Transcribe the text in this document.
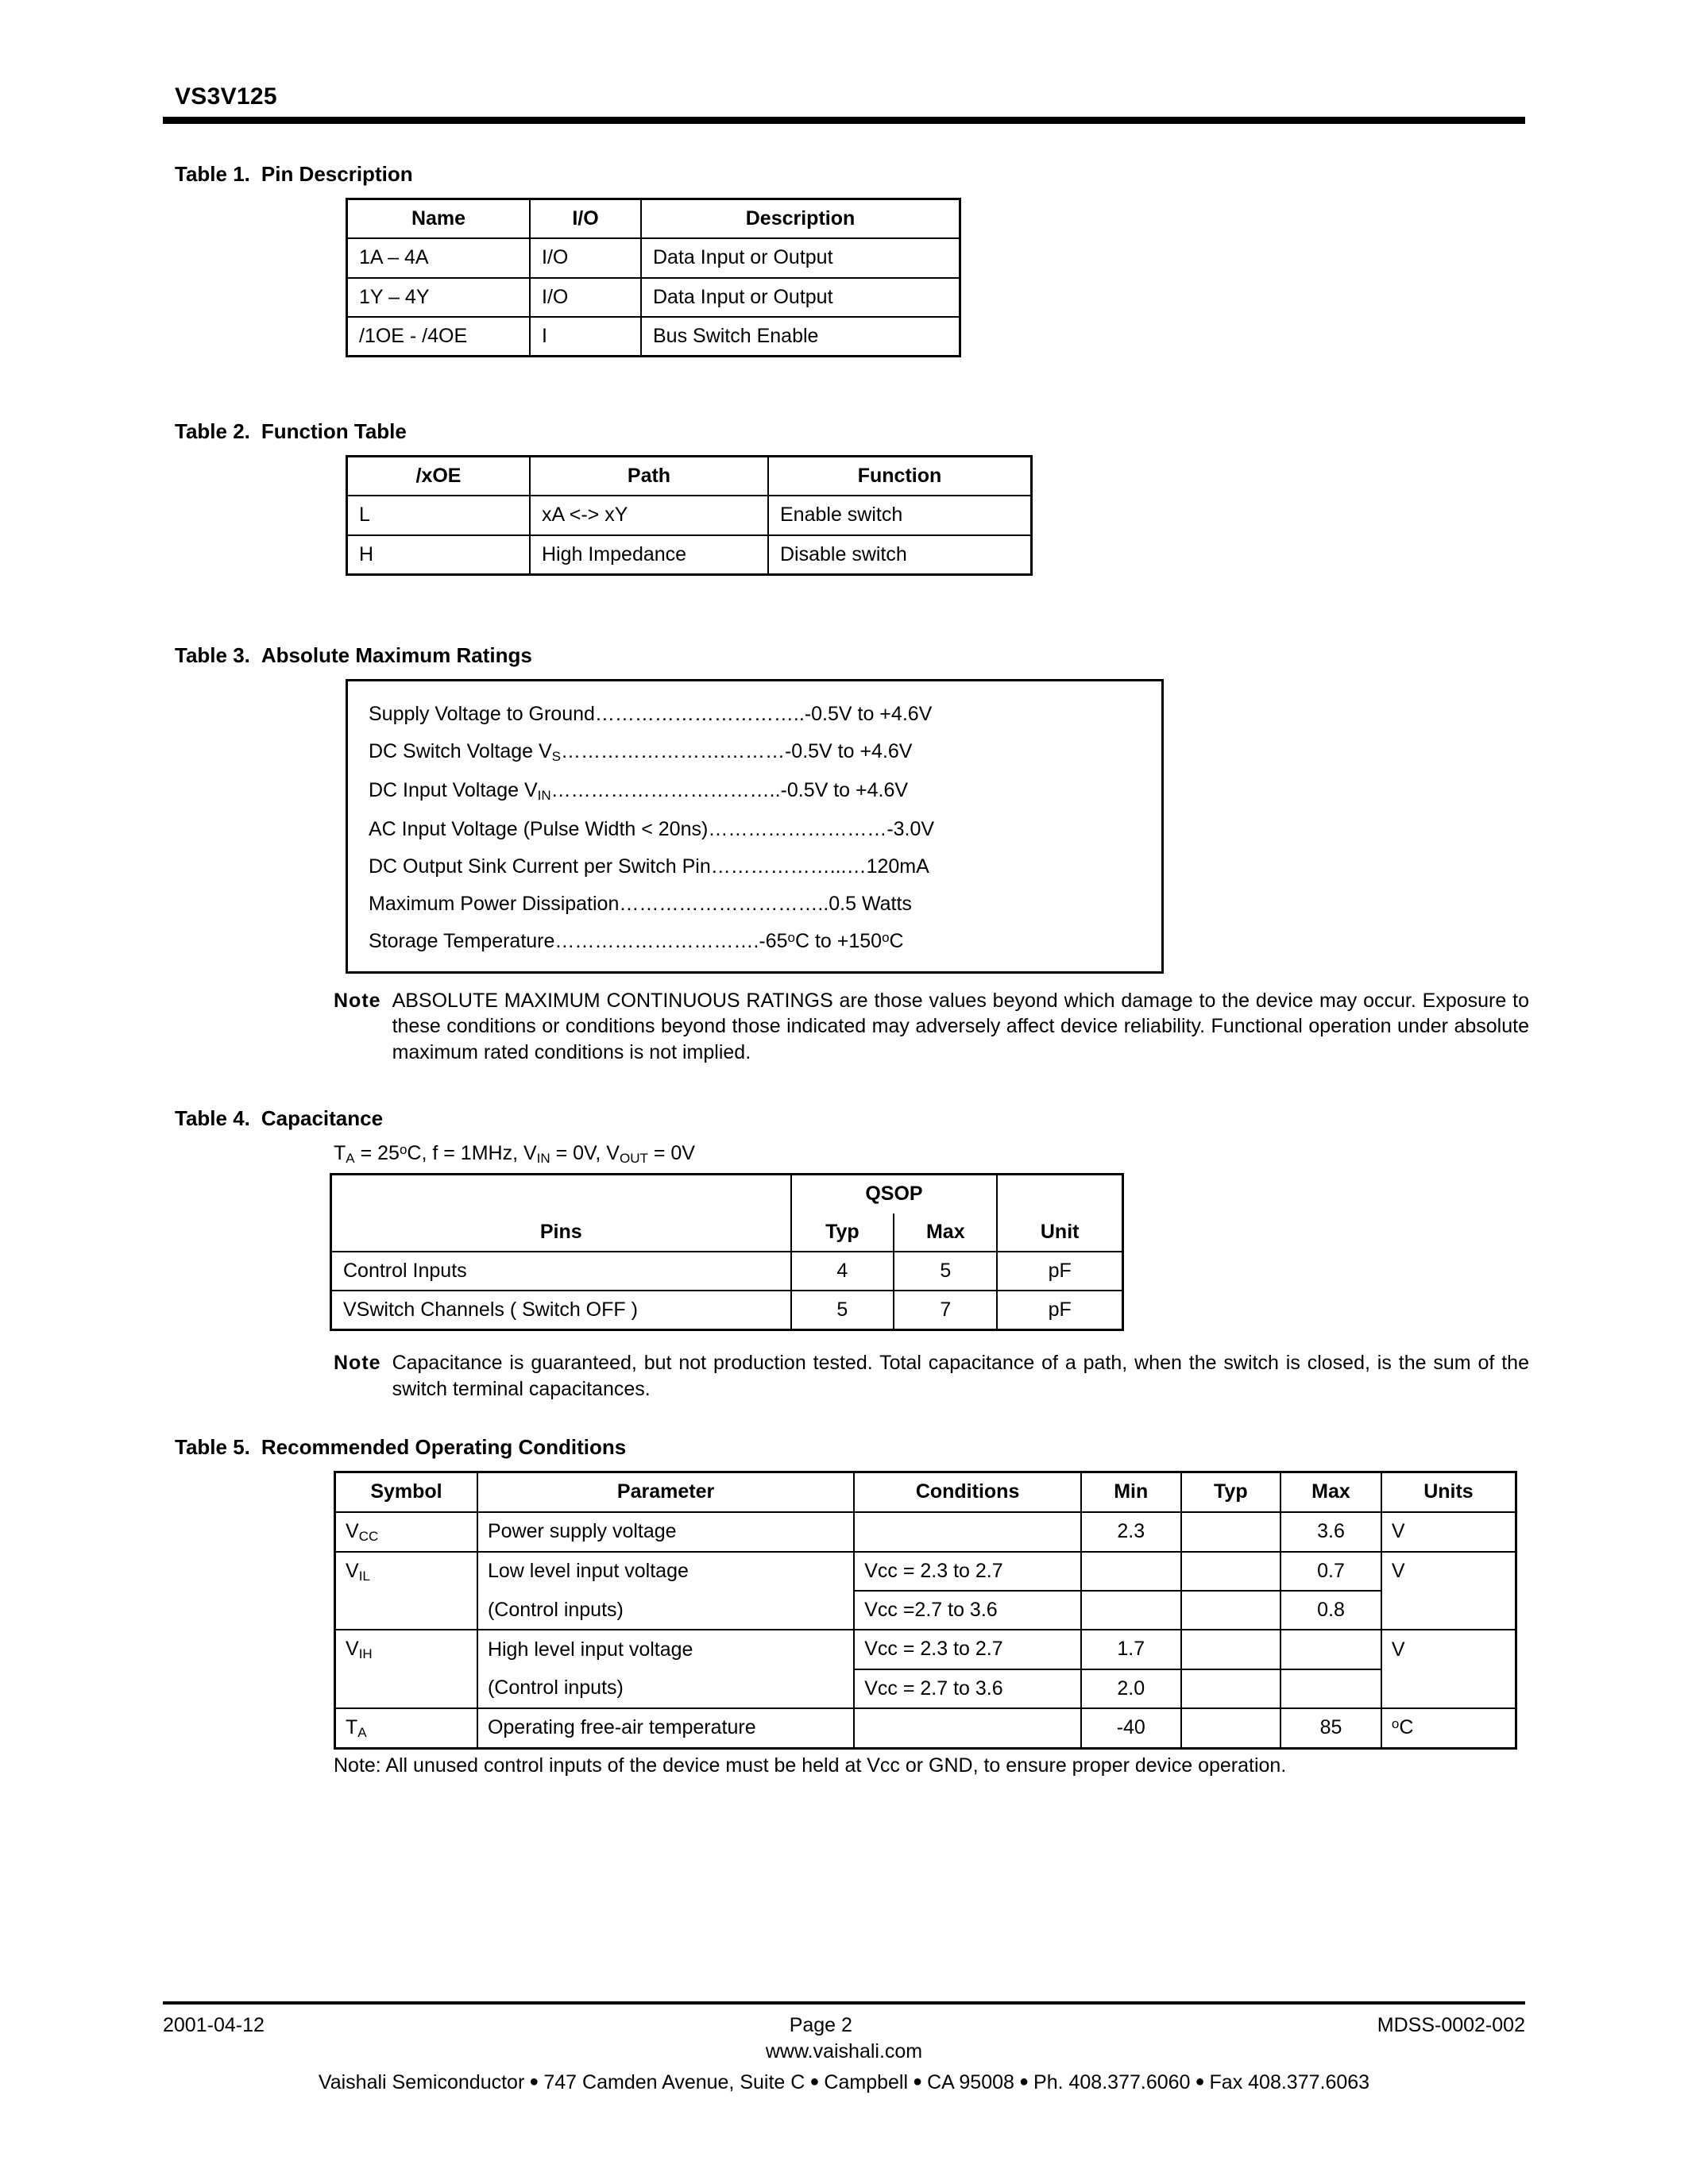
VS3V125
Table 1. Pin Description
Name	I/O	Description
1A – 4A	I/O	Data Input or Output
1Y – 4Y	I/O	Data Input or Output
/1OE - /4OE	I	Bus Switch Enable
Table 2. Function Table
/xOE	Path	Function
L	xA <-> xY	Enable switch
H	High Impedance	Disable switch
Table 3. Absolute Maximum Ratings
Supply Voltage to Ground…………………………..-0.5V to +4.6V
DC Switch Voltage $V_S\dots\dots\dots\dots\dots\dots\dots\dots.\dots\dots\dots-0.5V$ to +4.6V
DC Input Voltage $V_{IN}\dots\dots\dots\dots\dots\dots\dots\dots\dots\dots\dots..-0.5V$ to +4.6V
AC Input Voltage (Pulse Width < 20ns)………………………-3.0V
DC Output Sink Current per Switch Pin………………...…120mA
Maximum Power Dissipation…………………………..0.5 Watts
Storage Temperature………………………….-65$^o$C to $+150^oC$
Note ABSOLUTE MAXIMUM CONTINUOUS RATINGS are those values beyond which damage to the device may occur. Exposure to these conditions or conditions beyond those indicated may adversely affect device reliability. Functional operation under absolute maximum rated conditions is not implied.
Table 4. Capacitance
$T_A = 25^oC$, f = 1MHz, $V_{IN} = 0V$, $V_{OUT} = 0V$
	QSOP		
Pins	Typ	Max	Unit
Control Inputs	4	5	pF
VSwitch Channels ( Switch OFF )	5	7	pF
Note Capacitance is guaranteed, but not production tested. Total capacitance of a path, when the switch is closed, is the sum of the switch terminal capacitances.
Table 5. Recommended Operating Conditions
Symbol	Parameter	Conditions	Min	Typ	Max	Units
$V_{CC}$	Power supply voltage		2.3		3.6	V
$V_{IL}$	Low level input voltage	Vcc = 2.3 to 2.7			0.7	V
	(Control inputs)	Vcc =2.7 to 3.6			0.8	
$V_{IH}$	High level input voltage	Vcc = 2.3 to 2.7	1.7			V
	(Control inputs)	Vcc = 2.7 to 3.6	2.0			
$T_A$	Operating free-air temperature		-40		85	$^o$C
Note: All unused control inputs of the device must be held at Vcc or GND, to ensure proper device operation.
2001-04-12	Page 2	MDSS-0002-002
www.vaishali.com
Vaishali Semiconductor ● 747 Camden Avenue, Suite C ● Campbell ● CA 95008 ● Ph. 408.377.6060 ● Fax 408.377.6063
